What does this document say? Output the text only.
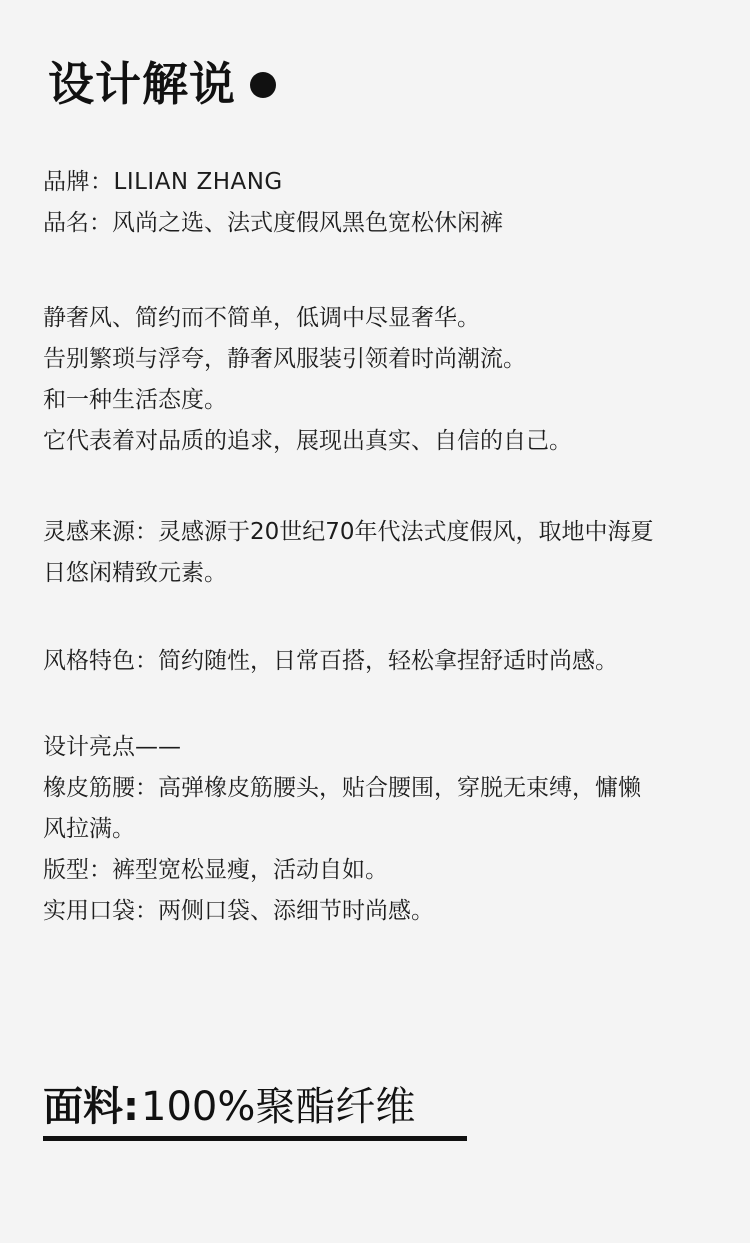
设计解说
品牌：LILIAN ZHANG
品名：风尚之选、法式度假风黑色宽松休闲裤
静奢风、简约而不简单，低调中尽显奢华。
告别繁琐与浮夸，静奢风服装引领着时尚潮流。
和一种生活态度。
它代表着对品质的追求，展现出真实、自信的自己。
灵感来源：灵感源于20世纪70年代法式度假风，取地中海夏
日悠闲精致元素。
风格特色：简约随性，日常百搭，轻松拿捏舒适时尚感。
设计亮点——
橡皮筋腰：高弹橡皮筋腰头，贴合腰围，穿脱无束缚，慵懒
风拉满。
版型：裤型宽松显瘦，活动自如。
实用口袋：两侧口袋、添细节时尚感。
面料:100%聚酯纤维
